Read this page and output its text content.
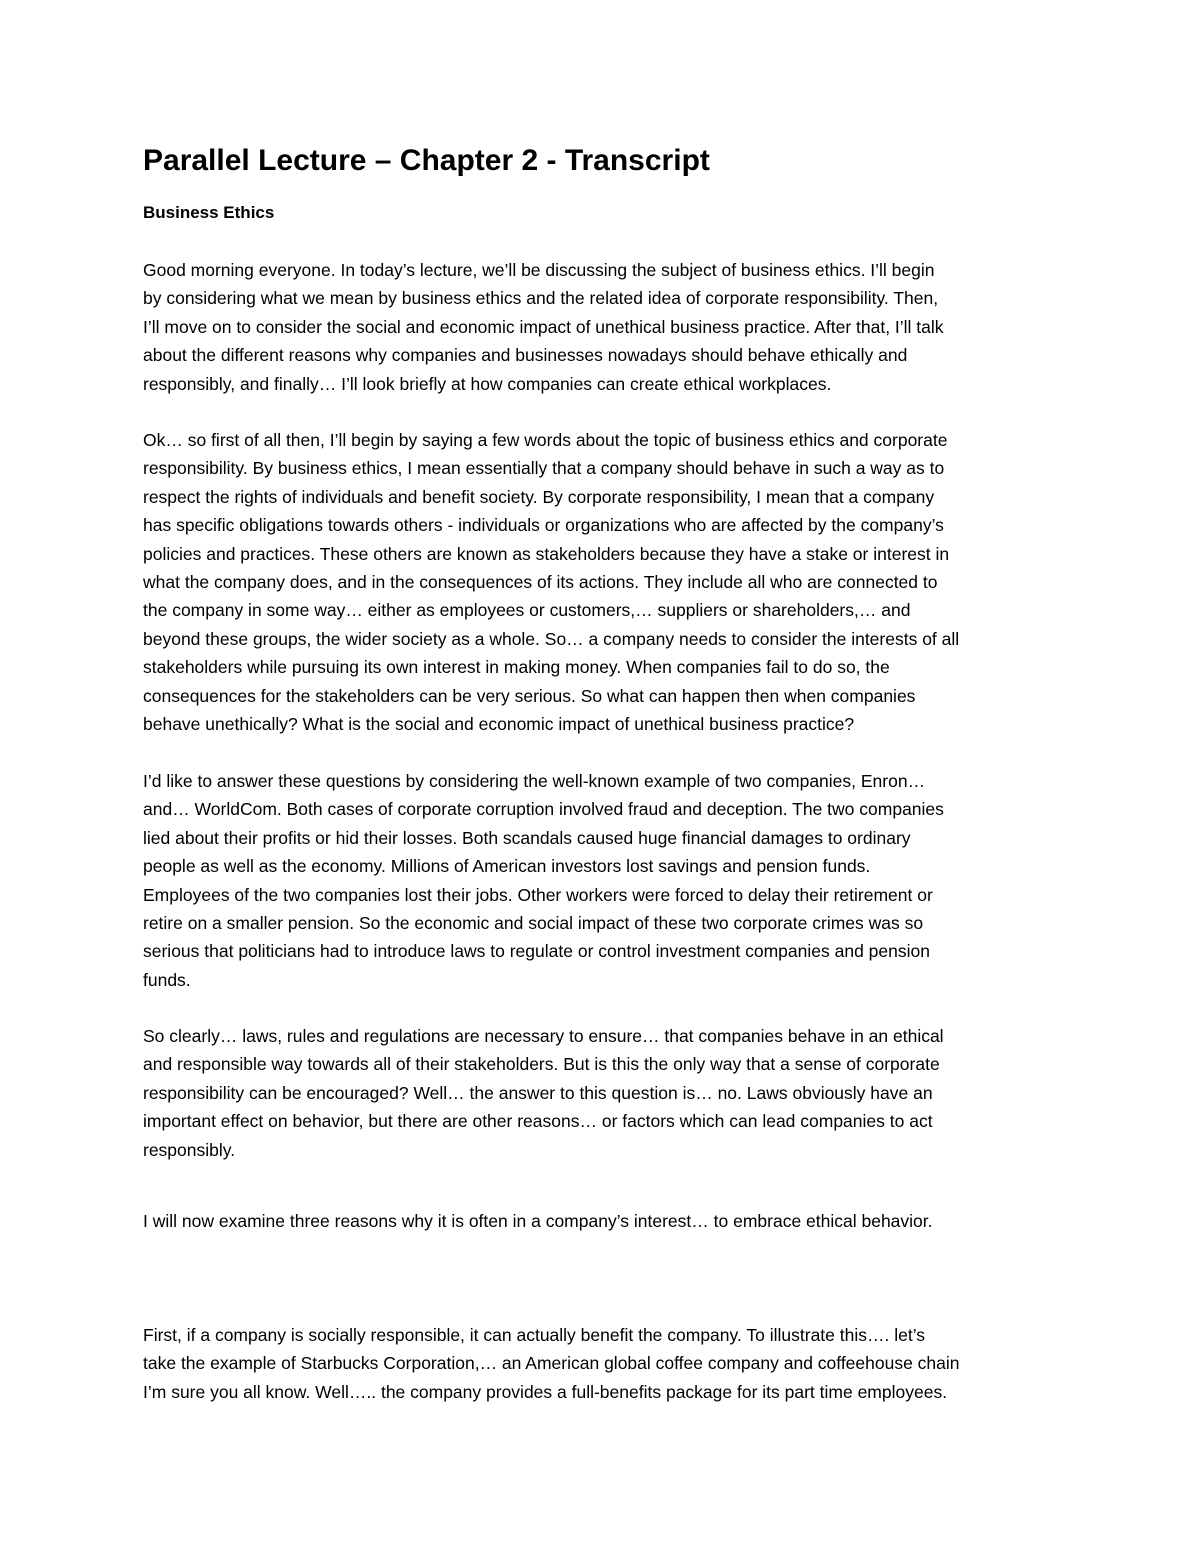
Parallel Lecture – Chapter 2 - Transcript
Business Ethics

Good morning everyone. In today’s lecture, we’ll be discussing the subject of business ethics. I’ll begin
by considering what we mean by business ethics and the related idea of corporate responsibility. Then,
I’ll move on to consider the social and economic impact of unethical business practice. After that, I’ll talk
about the different reasons why companies and businesses nowadays should behave ethically and
responsibly, and finally… I’ll look briefly at how companies can create ethical workplaces.

Ok… so first of all then, I’ll begin by saying a few words about the topic of business ethics and corporate
responsibility. By business ethics, I mean essentially that a company should behave in such a way as to
respect the rights of individuals and benefit society. By corporate responsibility, I mean that a company
has specific obligations towards others - individuals or organizations who are affected by the company’s
policies and practices. These others are known as stakeholders because they have a stake or interest in
what the company does, and in the consequences of its actions. They include all who are connected to
the company in some way… either as employees or customers,… suppliers or shareholders,… and
beyond these groups, the wider society as a whole. So… a company needs to consider the interests of all
stakeholders while pursuing its own interest in making money. When companies fail to do so, the
consequences for the stakeholders can be very serious. So what can happen then when companies
behave unethically? What is the social and economic impact of unethical business practice?

I’d like to answer these questions by considering the well-known example of two companies, Enron…
and… WorldCom. Both cases of corporate corruption involved fraud and deception. The two companies
lied about their profits or hid their losses. Both scandals caused huge financial damages to ordinary
people as well as the economy. Millions of American investors lost savings and pension funds.
Employees of the two companies lost their jobs. Other workers were forced to delay their retirement or
retire on a smaller pension. So the economic and social impact of these two corporate crimes was so
serious that politicians had to introduce laws to regulate or control investment companies and pension
funds.

So clearly… laws, rules and regulations are necessary to ensure… that companies behave in an ethical
and responsible way towards all of their stakeholders. But is this the only way that a sense of corporate
responsibility can be encouraged? Well… the answer to this question is… no. Laws obviously have an
important effect on behavior, but there are other reasons… or factors which can lead companies to act
responsibly.

I will now examine three reasons why it is often in a company’s interest… to embrace ethical behavior.

First, if a company is socially responsible, it can actually benefit the company. To illustrate this…. let’s
take the example of Starbucks Corporation,… an American global coffee company and coffeehouse chain
I’m sure you all know. Well….. the company provides a full-benefits package for its part time employees.
